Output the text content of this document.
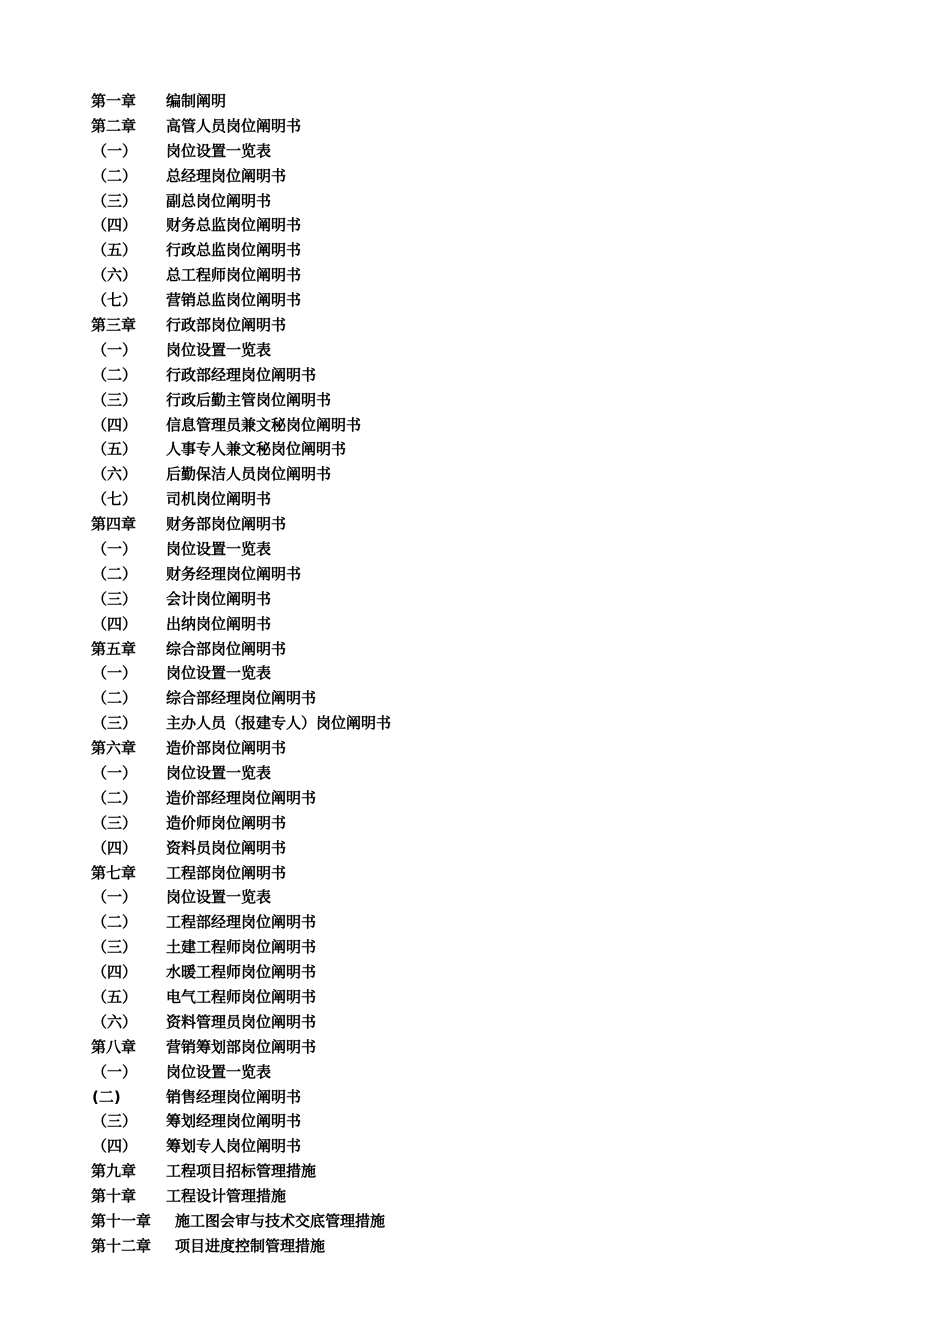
第一章	编制阐明
第二章	高管人员岗位阐明书
（一）	岗位设置一览表
（二）	总经理岗位阐明书
（三）	副总岗位阐明书
（四）	财务总监岗位阐明书
（五）	行政总监岗位阐明书
（六）	总工程师岗位阐明书
（七）	营销总监岗位阐明书
第三章	行政部岗位阐明书
（一）	岗位设置一览表
（二）	行政部经理岗位阐明书
（三）	行政后勤主管岗位阐明书
（四）	信息管理员兼文秘岗位阐明书
（五）	人事专人兼文秘岗位阐明书
（六）	后勤保洁人员岗位阐明书
（七）	司机岗位阐明书
第四章	财务部岗位阐明书
（一）	岗位设置一览表
（二）	财务经理岗位阐明书
（三）	会计岗位阐明书
（四）	出纳岗位阐明书
第五章	综合部岗位阐明书
（一）	岗位设置一览表
（二）	综合部经理岗位阐明书
（三）	主办人员（报建专人）岗位阐明书
第六章	造价部岗位阐明书
（一）	岗位设置一览表
（二）	造价部经理岗位阐明书
（三）	造价师岗位阐明书
（四）	资料员岗位阐明书
第七章	工程部岗位阐明书
（一）	岗位设置一览表
（二）	工程部经理岗位阐明书
（三）	土建工程师岗位阐明书
（四）	水暖工程师岗位阐明书
（五）	电气工程师岗位阐明书
（六）	资料管理员岗位阐明书
第八章	营销筹划部岗位阐明书
（一）	岗位设置一览表
(二)	销售经理岗位阐明书
（三）	筹划经理岗位阐明书
（四）	筹划专人岗位阐明书
第九章	工程项目招标管理措施
第十章	工程设计管理措施
第十一章	施工图会审与技术交底管理措施
第十二章	项目进度控制管理措施
